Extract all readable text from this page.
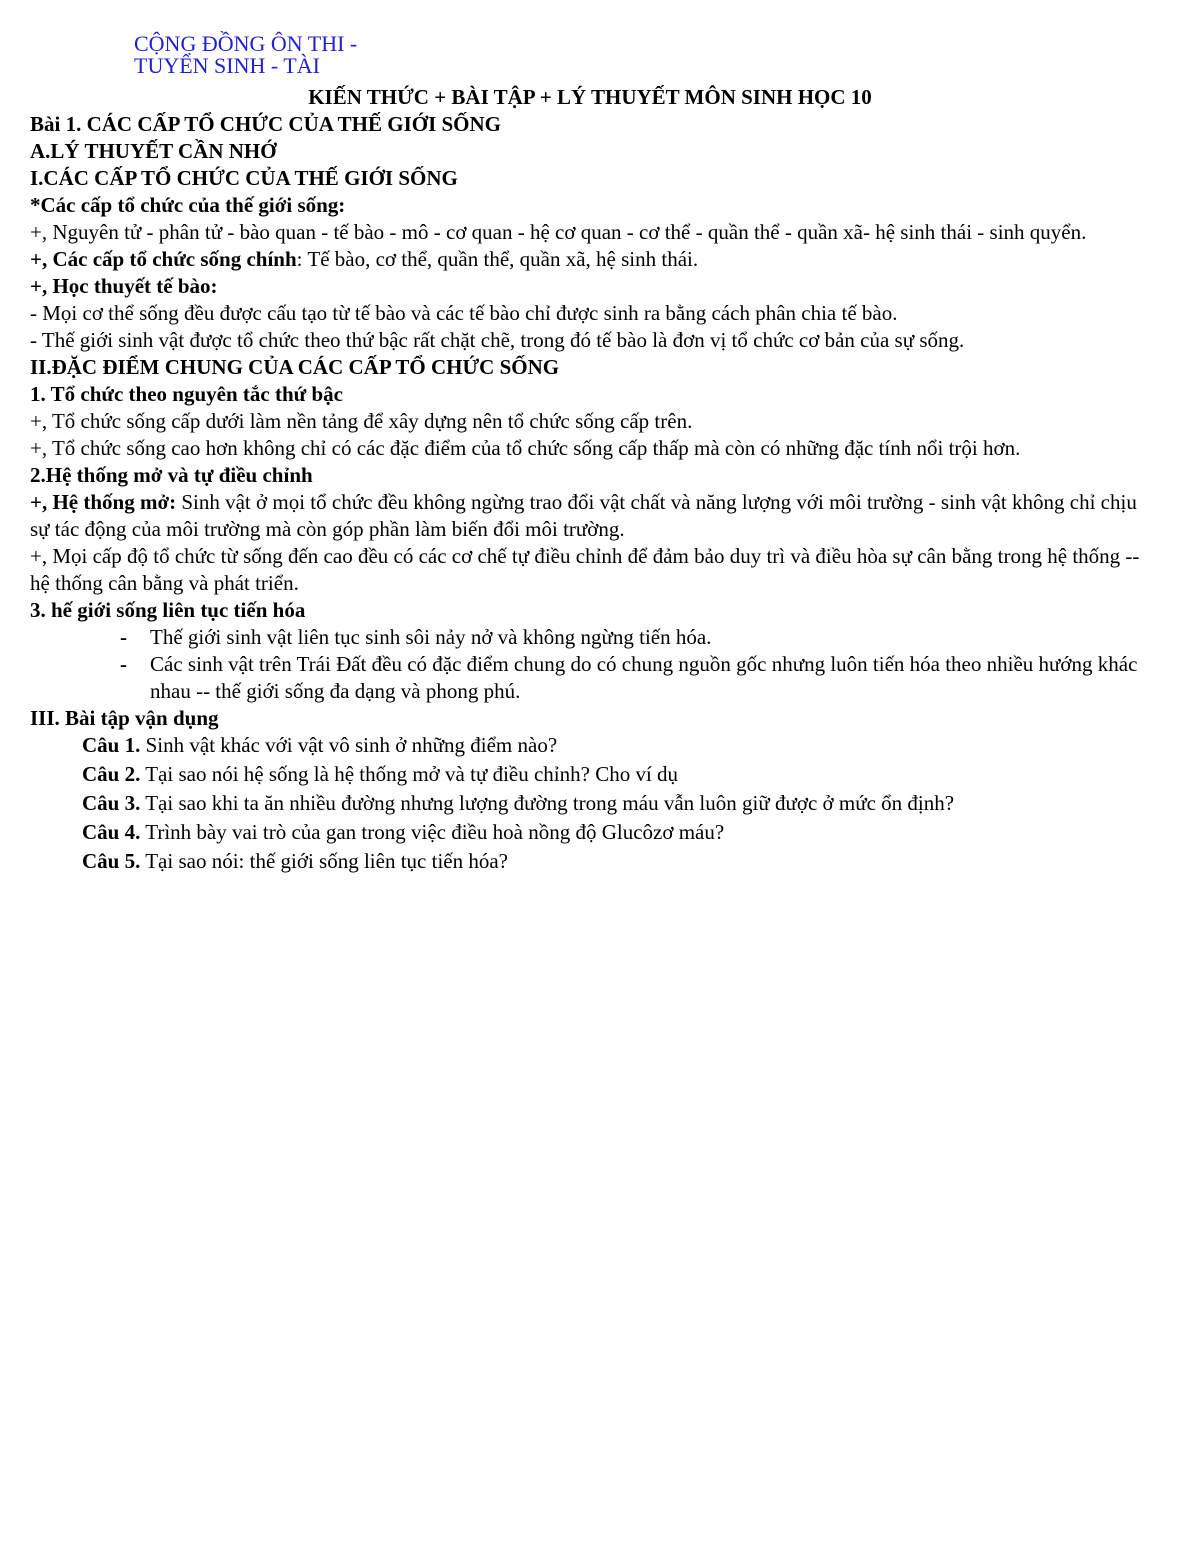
CỘNG ĐỒNG ÔN THI -
TUYỂN SINH - TÀI

KIẾN THỨC + BÀI TẬP + LÝ THUYẾT MÔN SINH HỌC 10

Bài 1. CÁC CẤP TỔ CHỨC CỦA THẾ GIỚI SỐNG

A.LÝ THUYẾT CẦN NHỚ

I.CÁC CẤP TỔ CHỨC CỦA THẾ GIỚI SỐNG

*Các cấp tổ chức của thế giới sống:

+, Nguyên tử - phân tử - bào quan - tế bào - mô - cơ quan - hệ cơ quan - cơ thể - quần thể - quần xã- hệ sinh thái - sinh quyển.

+, Các cấp tổ chức sống chính: Tế bào, cơ thể, quần thể, quần xã, hệ sinh thái.

+, Học thuyết tế bào:

- Mọi cơ thể sống đều được cấu tạo từ tế bào và các tế bào chỉ được sinh ra bằng cách phân chia tế bào.

- Thế giới sinh vật được tổ chức theo thứ bậc rất chặt chẽ, trong đó tế bào là đơn vị tổ chức cơ bản của sự sống.

II.ĐẶC ĐIỂM CHUNG CỦA CÁC CẤP TỔ CHỨC SỐNG

1. Tổ chức theo nguyên tắc thứ bậc

+, Tổ chức sống cấp dưới làm nền tảng để xây dựng nên tổ chức sống cấp trên.

+, Tổ chức sống cao hơn không chỉ có các đặc điểm của tổ chức sống cấp thấp mà còn có những đặc tính nổi trội hơn.

2.Hệ thống mở và tự điều chỉnh

+, Hệ thống mở: Sinh vật ở mọi tổ chức đều không ngừng trao đổi vật chất và năng lượng với môi trường - sinh vật không chỉ chịu sự tác động của môi trường mà còn góp phần làm biến đổi môi trường.

+, Mọi cấp độ tổ chức từ sống đến cao đều có các cơ chế tự điều chỉnh để đảm bảo duy trì và điều hòa sự cân bằng trong hệ thống -- hệ thống cân bằng và phát triển.

3. hế giới sống liên tục tiến hóa

- Thế giới sinh vật liên tục sinh sôi nảy nở và không ngừng tiến hóa.
- Các sinh vật trên Trái Đất đều có đặc điểm chung do có chung nguồn gốc nhưng luôn tiến hóa theo nhiều hướng khác nhau -- thế giới sống đa dạng và phong phú.

III. Bài tập vận dụng

Câu 1. Sinh vật khác với vật vô sinh ở những điểm nào?

Câu 2. Tại sao nói hệ sống là hệ thống mở và tự điều chỉnh? Cho ví dụ

Câu 3. Tại sao khi ta ăn nhiều đường nhưng lượng đường trong máu vẫn luôn giữ được ở mức ổn định?

Câu 4. Trình bày vai trò của gan trong việc điều hoà nồng độ Glucôzơ máu?

Câu 5. Tại sao nói: thế giới sống liên tục tiến hóa?
